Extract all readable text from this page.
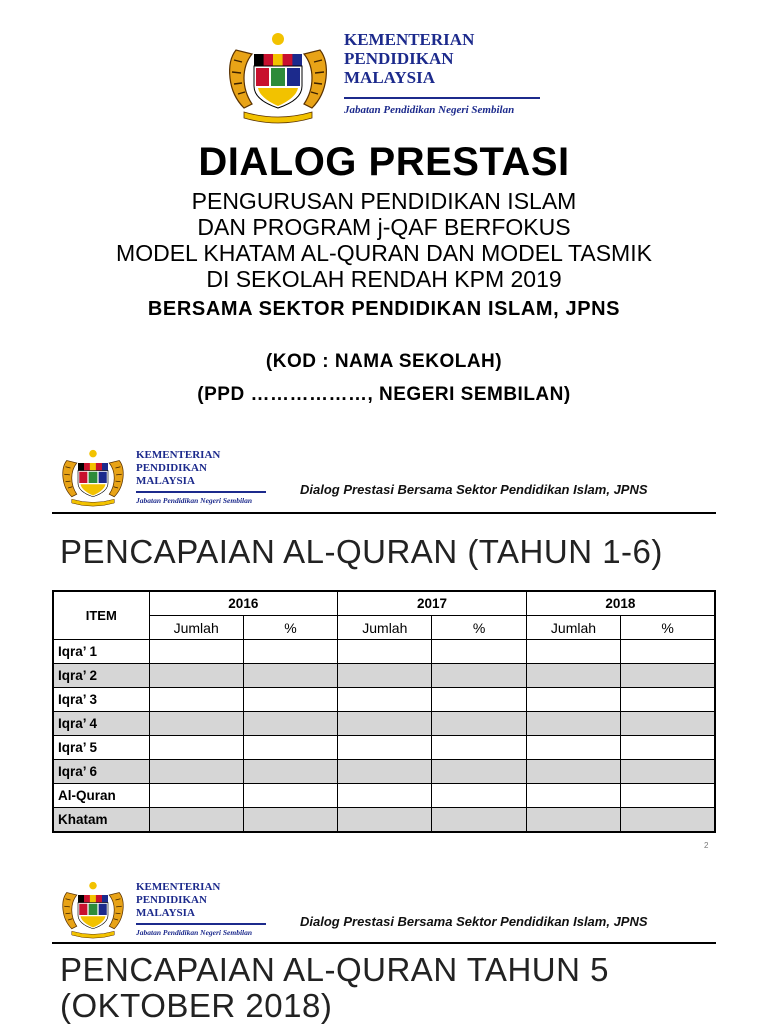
KEMENTERIAN
PENDIDIKAN
MALAYSIA
Jabatan Pendidikan Negeri Sembilan
DIALOG PRESTASI
PENGURUSAN PENDIDIKAN ISLAM
DAN PROGRAM j-QAF BERFOKUS
MODEL KHATAM AL-QURAN DAN MODEL TASMIK
DI SEKOLAH RENDAH KPM 2019
BERSAMA SEKTOR PENDIDIKAN ISLAM, JPNS
(KOD : NAMA SEKOLAH)
(PPD ………………, NEGERI SEMBILAN)
KEMENTERIAN
PENDIDIKAN
MALAYSIA
Jabatan Pendidikan Negeri Sembilan
Dialog Prestasi Bersama Sektor Pendidikan Islam, JPNS
PENCAPAIAN AL-QURAN (TAHUN 1-6)
ITEM	2016		2017		2018	
	Jumlah	%	Jumlah	%	Jumlah	%
Iqra’ 1						
Iqra’ 2						
Iqra’ 3						
Iqra’ 4						
Iqra’ 5						
Iqra’ 6						
Al-Quran						
Khatam						
2
KEMENTERIAN
PENDIDIKAN
MALAYSIA
Jabatan Pendidikan Negeri Sembilan
Dialog Prestasi Bersama Sektor Pendidikan Islam, JPNS
PENCAPAIAN AL-QURAN TAHUN 5
(OKTOBER 2018)
